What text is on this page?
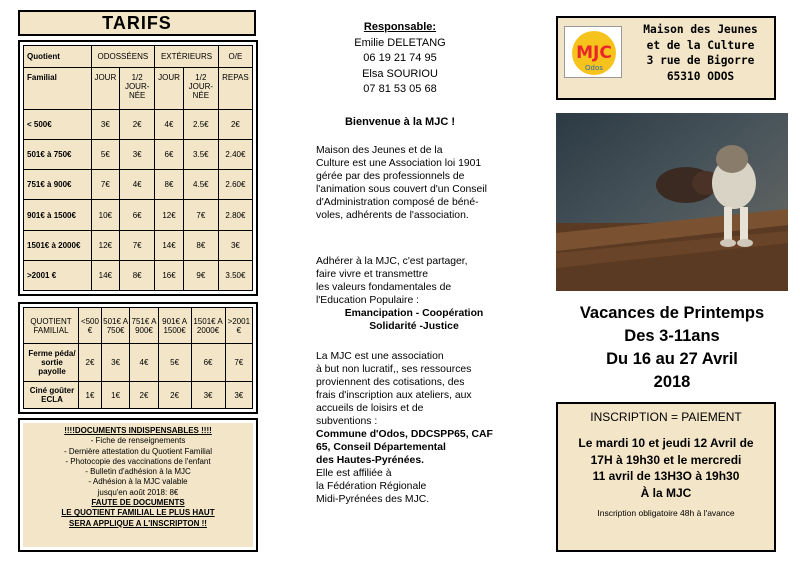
TARIFS
Quotient	ODOSSÉENS		EXTÉRIEURS		O/E
Familial	JOUR	1/2 JOUR-NÉE	JOUR	1/2 JOUR-NÉE	REPAS
< 500€	3€	2€	4€	2.5€	2€
501€ à 750€	5€	3€	6€	3.5€	2.40€
751€ à 900€	7€	4€	8€	4.5€	2.60€
901€ à 1500€	10€	6€	12€	7€	2.80€
1501€ à 2000€	12€	7€	14€	8€	3€
>2001 €	14€	8€	16€	9€	3.50€
QUOTIENT FAMILIAL	<500 €	501€ A 750€	751€ A 900€	901€ A 1500€	1501€ A 2000€	>2001 €
Ferme péda/ sortie payolle	2€	3€	4€	5€	6€	7€
Ciné goûter ECLA	1€	1€	2€	2€	3€	3€
!!!!DOCUMENTS INDISPENSABLES !!!!
- Fiche de renseignements
- Dernière attestation du Quotient Familial
- Photocopie des vaccinations de l'enfant
- Bulletin d'adhésion à la MJC
- Adhésion à la MJC valable
jusqu'en août 2018: 8€
FAUTE DE DOCUMENTS
LE QUOTIENT FAMILIAL LE PLUS HAUT
SERA APPLIQUE A L'INSCRIPTON !!
Responsable:
Emilie DELETANG
06 19 21 74 95
Elsa SOURIOU
07 81 53 05 68
Bienvenue à la MJC !
Maison des Jeunes et de la
Culture est une Association loi 1901
gérée par des professionnels de
l'animation sous couvert d'un Conseil
d'Administration composé de béné-
voles, adhérents de l'association.
Adhérer à la MJC, c'est partager,
faire vivre et transmettre
les valeurs fondamentales de
l'Education Populaire :
Emancipation - Coopération
Solidarité -Justice
La MJC est une association
à but non lucratif,, ses ressources
proviennent des cotisations, des
frais d'inscription aux ateliers, aux
accueils de loisirs et de
subventions :
Commune d'Odos, DDCSPP65, CAF
65, Conseil Départemental
des Hautes-Pyrénées.
Elle est affiliée à
la Fédération Régionale
Midi-Pyrénées des MJC.
MJC
Odos
Maison des Jeunes
et de la Culture
3 rue de Bigorre
65310 ODOS
Vacances de Printemps
Des 3-11ans
Du 16 au 27 Avril
2018
INSCRIPTION = PAIEMENT
Le mardi 10 et jeudi 12 Avril de
17H à 19h30 et le mercredi
11 avril de 13H3O à 19h30
À la MJC
Inscription obligatoire 48h à l'avance
